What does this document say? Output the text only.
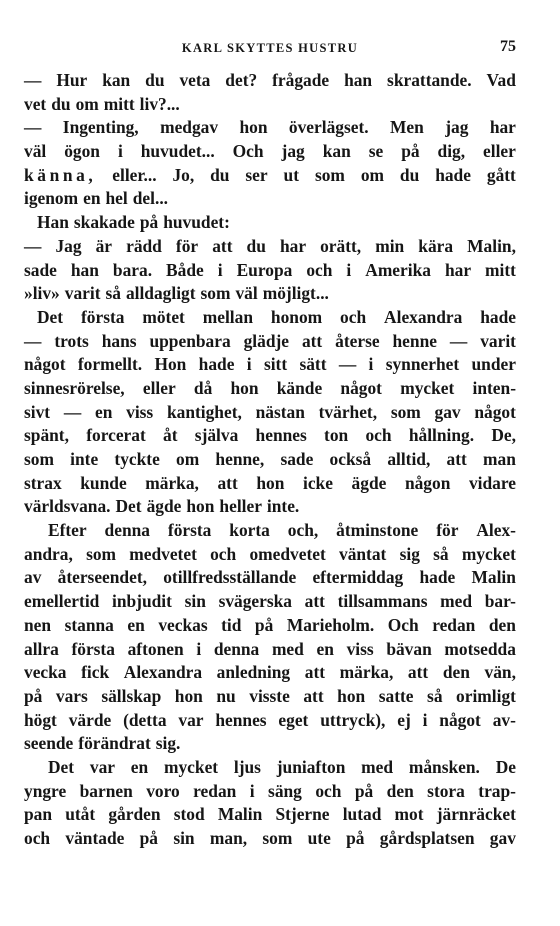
KARL SKYTTES HUSTRU	75
— Hur kan du veta det? frågade han skrattande. Vad
vet du om mitt liv?...
— Ingenting, medgav hon överlägset. Men jag har
väl ögon i huvudet... Och jag kan se på dig, eller
känna, eller... Jo, du ser ut som om du hade gått
igenom en hel del...
Han skakade på huvudet:
— Jag är rädd för att du har orätt, min kära Malin,
sade han bara. Både i Europa och i Amerika har mitt
»liv» varit så alldagligt som väl möjligt...
Det första mötet mellan honom och Alexandra hade
— trots hans uppenbara glädje att återse henne — varit
något formellt. Hon hade i sitt sätt — i synnerhet under
sinnesrörelse, eller då hon kände något mycket inten-
sivt — en viss kantighet, nästan tvärhet, som gav något
spänt, forcerat åt själva hennes ton och hållning. De,
som inte tyckte om henne, sade också alltid, att man
strax kunde märka, att hon icke ägde någon vidare
världsvana. Det ägde hon heller inte.
Efter denna första korta och, åtminstone för Alex-
andra, som medvetet och omedvetet väntat sig så mycket
av återseendet, otillfredsställande eftermiddag hade Malin
emellertid inbjudit sin svägerska att tillsammans med bar-
nen stanna en veckas tid på Marieholm. Och redan den
allra första aftonen i denna med en viss bävan motsedda
vecka fick Alexandra anledning att märka, att den vän,
på vars sällskap hon nu visste att hon satte så orimligt
högt värde (detta var hennes eget uttryck), ej i något av-
seende förändrat sig.
Det var en mycket ljus juniafton med månsken. De
yngre barnen voro redan i säng och på den stora trap-
pan utåt gården stod Malin Stjerne lutad mot järnräcket
och väntade på sin man, som ute på gårdsplatsen gav
